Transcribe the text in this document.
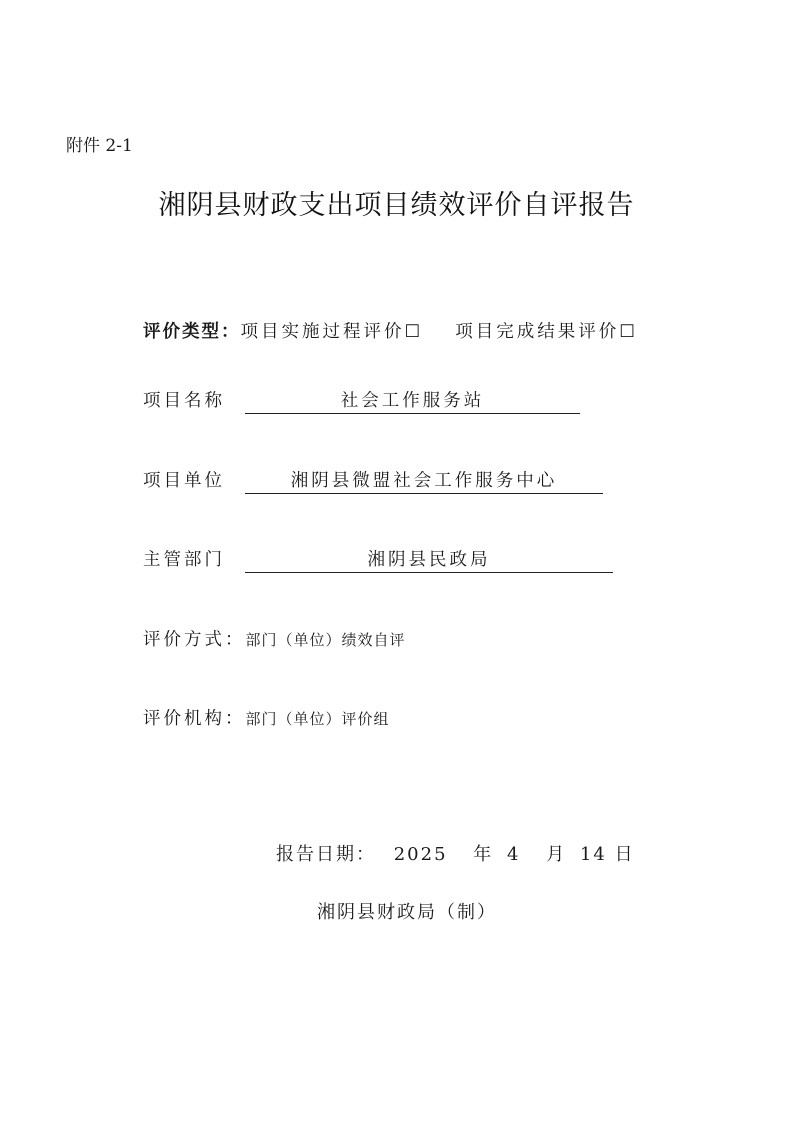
附件 2-1
湘阴县财政支出项目绩效评价自评报告
评价类型：项目实施过程评价☐ 项目完成结果评价☐
项目名称	社会工作服务站
项目单位	湘阴县微盟社会工作服务中心
主管部门	湘阴县民政局
评价方式：部门（单位）绩效自评
评价机构：部门（单位）评价组
报告日期： 2025 年 4 月 14 日
湘阴县财政局（制）
